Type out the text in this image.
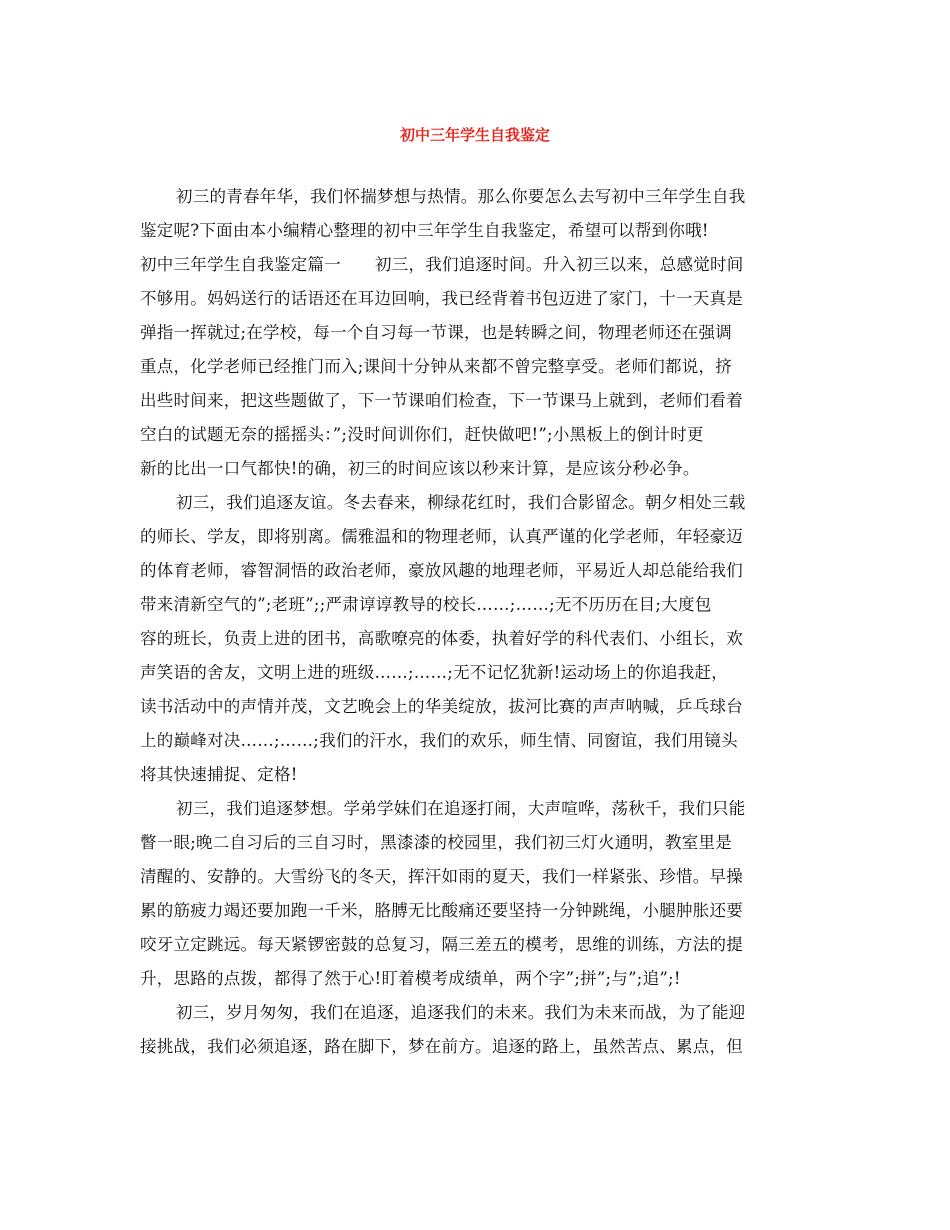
初中三年学生自我鉴定
初三的青春年华，我们怀揣梦想与热情。那么你要怎么去写初中三年学生自我
鉴定呢?下面由本小编精心整理的初中三年学生自我鉴定，希望可以帮到你哦!
初中三年学生自我鉴定篇一 初三，我们追逐时间。升入初三以来，总感觉时间
不够用。妈妈送行的话语还在耳边回响，我已经背着书包迈进了家门，十一天真是
弹指一挥就过;在学校，每一个自习每一节课，也是转瞬之间，物理老师还在强调
重点，化学老师已经推门而入;课间十分钟从来都不曾完整享受。老师们都说，挤
出些时间来，把这些题做了，下一节课咱们检查，下一节课马上就到，老师们看着
空白的试题无奈的摇摇头：”;没时间训你们，赶快做吧!”;小黑板上的倒计时更
新的比出一口气都快!的确，初三的时间应该以秒来计算，是应该分秒必争。
初三，我们追逐友谊。冬去春来，柳绿花红时，我们合影留念。朝夕相处三载
的师长、学友，即将别离。儒雅温和的物理老师，认真严谨的化学老师，年轻豪迈
的体育老师，睿智洞悟的政治老师，豪放风趣的地理老师，平易近人却总能给我们
带来清新空气的”;老班”;;严肃谆谆教导的校长……;……;无不历历在目;大度包
容的班长，负责上进的团书，高歌嘹亮的体委，执着好学的科代表们、小组长，欢
声笑语的舍友，文明上进的班级……;……;无不记忆犹新!运动场上的你追我赶，
读书活动中的声情并茂，文艺晚会上的华美绽放，拔河比赛的声声呐喊，乒乓球台
上的巅峰对决……;……;我们的汗水，我们的欢乐，师生情、同窗谊，我们用镜头
将其快速捕捉、定格!
初三，我们追逐梦想。学弟学妹们在追逐打闹，大声喧哗，荡秋千，我们只能
瞥一眼;晚二自习后的三自习时，黑漆漆的校园里，我们初三灯火通明，教室里是
清醒的、安静的。大雪纷飞的冬天，挥汗如雨的夏天，我们一样紧张、珍惜。早操
累的筋疲力竭还要加跑一千米，胳膊无比酸痛还要坚持一分钟跳绳，小腿肿胀还要
咬牙立定跳远。每天紧锣密鼓的总复习，隔三差五的模考，思维的训练，方法的提
升，思路的点拨，都得了然于心!盯着模考成绩单，两个字”;拼”;与”;追”;!
初三，岁月匆匆，我们在追逐，追逐我们的未来。我们为未来而战，为了能迎
接挑战，我们必须追逐，路在脚下，梦在前方。追逐的路上，虽然苦点、累点，但
